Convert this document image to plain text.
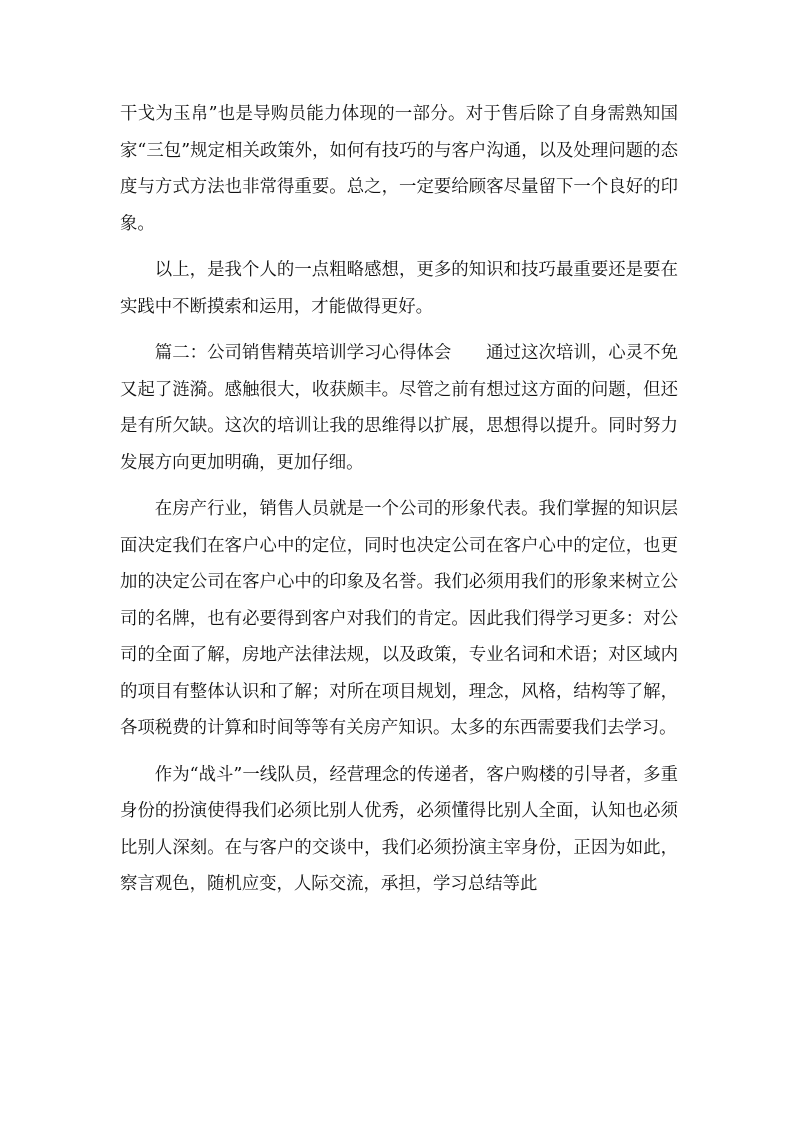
干戈为玉帛”也是导购员能力体现的一部分。对于售后除了自身需熟知国家“三包”规定相关政策外，如何有技巧的与客户沟通，以及处理问题的态度与方式方法也非常得重要。总之，一定要给顾客尽量留下一个良好的印象。

以上，是我个人的一点粗略感想，更多的知识和技巧最重要还是要在实践中不断摸索和运用，才能做得更好。

篇二：公司销售精英培训学习心得体会　　通过这次培训，心灵不免又起了涟漪。感触很大，收获颇丰。尽管之前有想过这方面的问题，但还是有所欠缺。这次的培训让我的思维得以扩展，思想得以提升。同时努力发展方向更加明确，更加仔细。

在房产行业，销售人员就是一个公司的形象代表。我们掌握的知识层面决定我们在客户心中的定位，同时也决定公司在客户心中的定位，也更加的决定公司在客户心中的印象及名誉。我们必须用我们的形象来树立公司的名牌，也有必要得到客户对我们的肯定。因此我们得学习更多：对公司的全面了解，房地产法律法规，以及政策，专业名词和术语；对区域内的项目有整体认识和了解；对所在项目规划，理念，风格，结构等了解，各项税费的计算和时间等等有关房产知识。太多的东西需要我们去学习。

作为“战斗”一线队员，经营理念的传递者，客户购楼的引导者，多重身份的扮演使得我们必须比别人优秀，必须懂得比别人全面，认知也必须比别人深刻。在与客户的交谈中，我们必须扮演主宰身份，正因为如此，察言观色，随机应变，人际交流，承担，学习总结等此
